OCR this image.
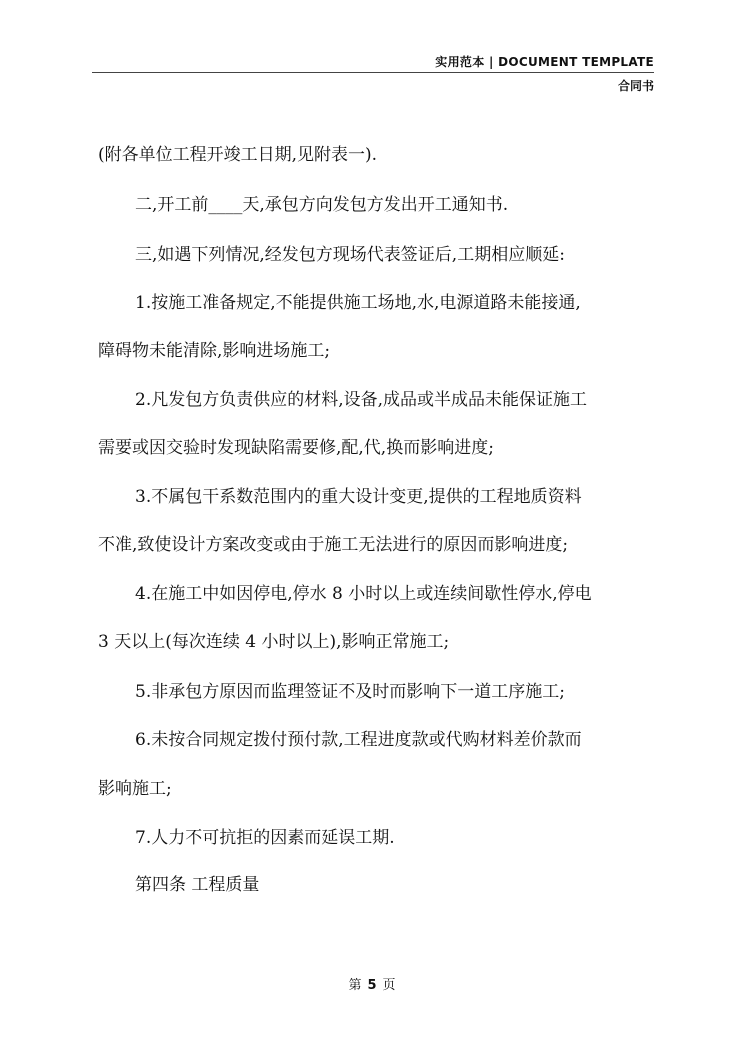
实用范本 | DOCUMENT TEMPLATE
合同书
(附各单位工程开竣工日期,见附表一).
二,开工前____天,承包方向发包方发出开工通知书.
三,如遇下列情况,经发包方现场代表签证后,工期相应顺延:
1.按施工准备规定,不能提供施工场地,水,电源道路未能接通,
障碍物未能清除,影响进场施工;
2.凡发包方负责供应的材料,设备,成品或半成品未能保证施工
需要或因交验时发现缺陷需要修,配,代,换而影响进度;
3.不属包干系数范围内的重大设计变更,提供的工程地质资料
不准,致使设计方案改变或由于施工无法进行的原因而影响进度;
4.在施工中如因停电,停水 8 小时以上或连续间歇性停水,停电
3 天以上(每次连续 4 小时以上),影响正常施工;
5.非承包方原因而监理签证不及时而影响下一道工序施工;
6.未按合同规定拨付预付款,工程进度款或代购材料差价款而
影响施工;
7.人力不可抗拒的因素而延误工期.
第四条 工程质量
第 5 页
